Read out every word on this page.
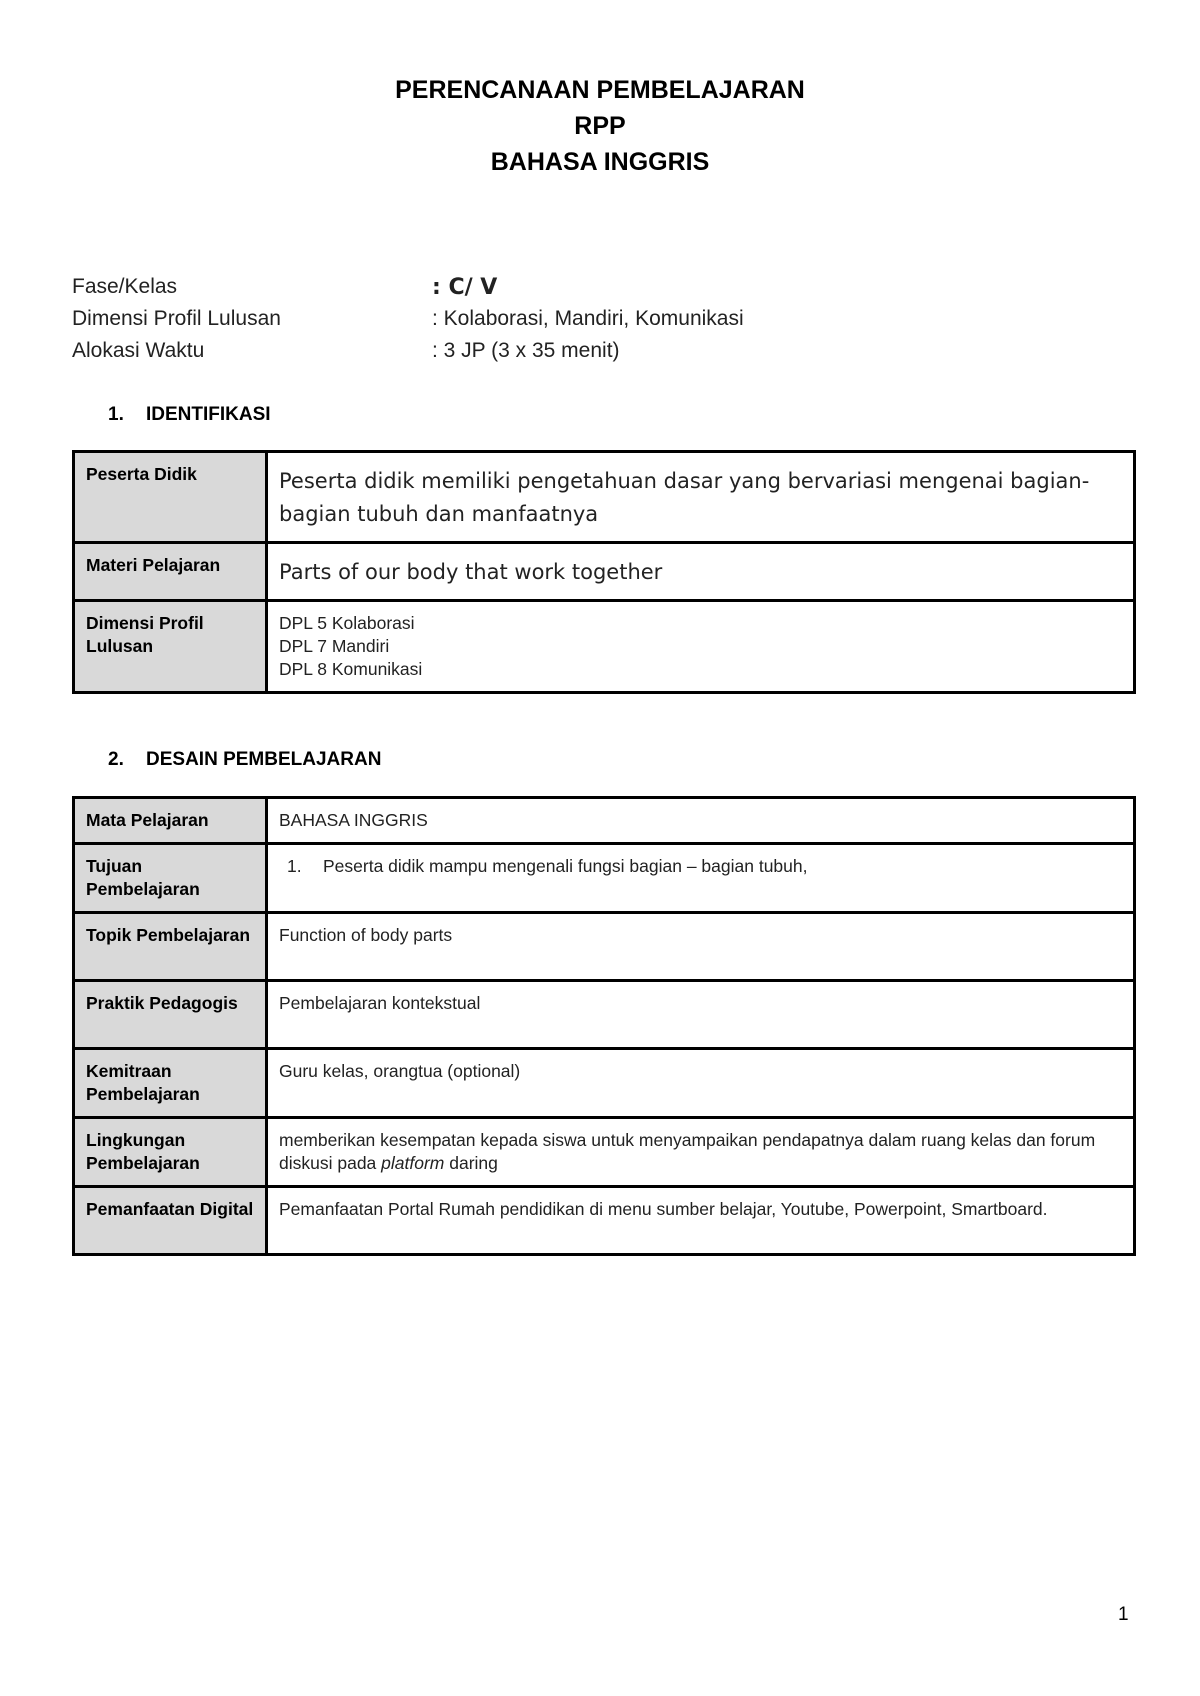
PERENCANAAN PEMBELAJARAN
RPP
BAHASA INGGRIS
Fase/Kelas	: C/ V
Dimensi Profil Lulusan	: Kolaborasi, Mandiri, Komunikasi
Alokasi Waktu	: 3 JP (3 x 35 menit)
1. IDENTIFIKASI
Peserta Didik	Peserta didik memiliki pengetahuan dasar yang bervariasi mengenai bagian-bagian tubuh dan manfaatnya
Materi Pelajaran	Parts of our body that work together
Dimensi Profil Lulusan	DPL 5 Kolaborasi
DPL 7 Mandiri
DPL 8 Komunikasi
2. DESAIN PEMBELAJARAN
Mata Pelajaran	BAHASA INGGRIS
Tujuan Pembelajaran	1. Peserta didik mampu mengenali fungsi bagian – bagian tubuh,

Topik Pembelajaran	Function of body parts
Praktik Pedagogis	Pembelajaran kontekstual
Kemitraan Pembelajaran	Guru kelas, orangtua (optional)
Lingkungan Pembelajaran	memberikan kesempatan kepada siswa untuk menyampaikan pendapatnya dalam ruang kelas dan forum diskusi pada platform daring
Pemanfaatan Digital	Pemanfaatan Portal Rumah pendidikan di menu sumber belajar, Youtube, Powerpoint, Smartboard.
1
